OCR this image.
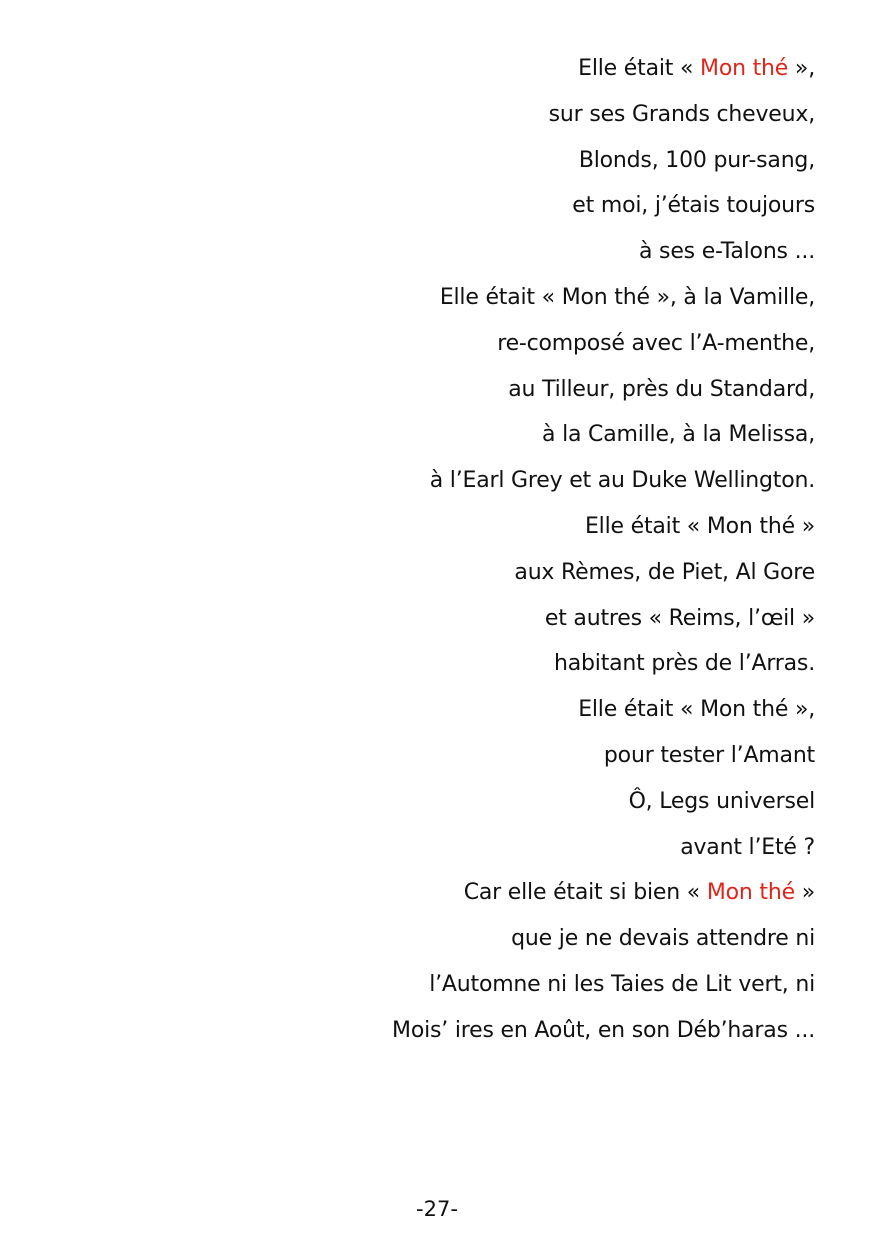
Elle était « Mon thé »,
sur ses Grands cheveux,
Blonds, 100 pur-sang,
et moi, j’étais toujours
à ses e-Talons ...
Elle était « Mon thé », à la Vamille,
re-composé avec l’A-menthe,
au Tilleur, près du Standard,
à la Camille, à la Melissa,
à l’Earl Grey et au Duke Wellington.
Elle était « Mon thé »
aux Rèmes, de Piet, Al Gore
et autres « Reims, l’œil »
habitant près de l’Arras.
Elle était « Mon thé »,
pour tester l’Amant
Ô, Legs universel
avant l’Eté ?
Car elle était si bien « Mon thé »
que je ne devais attendre ni
l’Automne ni les Taies de Lit vert, ni
Mois’ ires en Août, en son Déb’haras ...
-27-
